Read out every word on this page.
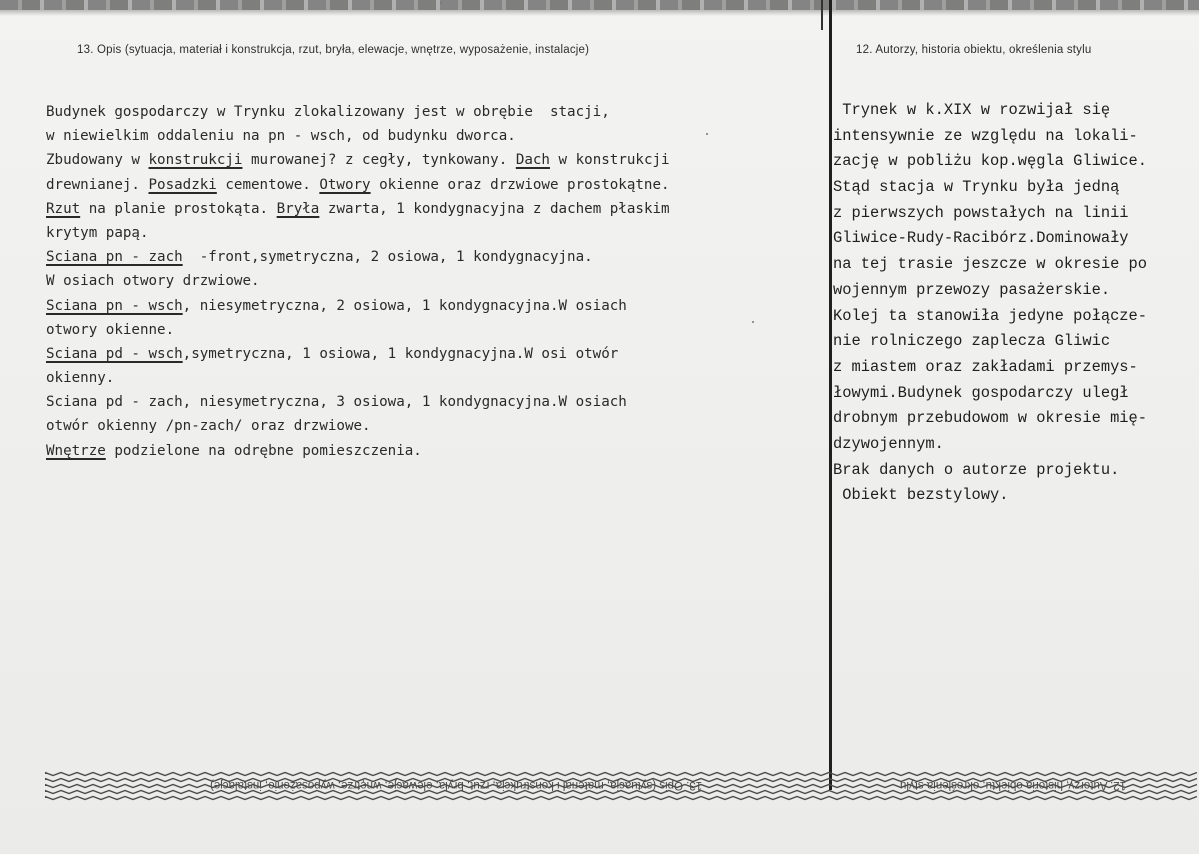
13. Opis (sytuacja, materiał i konstrukcja, rzut, bryła, elewacje, wnętrze, wyposażenie, instalacje)	12. Autorzy, historia obiektu, określenia stylu
Budynek gospodarczy w Trynku zlokalizowany jest w obrębie  stacji,
w niewielkim oddaleniu na pn - wsch, od budynku dworca.
Zbudowany w konstrukcji murowanej? z cegły, tynkowany. Dach w konstrukcji
drewnianej. Posadzki cementowe. Otwory okienne oraz drzwiowe prostokątne.
Rzut na planie prostokąta. Bryła zwarta, 1 kondygnacyjna z dachem płaskim
krytym papą.
Sciana pn - zach  -front,symetryczna, 2 osiowa, 1 kondygnacyjna.
W osiach otwory drzwiowe.
Sciana pn - wsch, niesymetryczna, 2 osiowa, 1 kondygnacyjna.W osiach
otwory okienne.
Sciana pd - wsch,symetryczna, 1 osiowa, 1 kondygnacyjna.W osi otwór
okienny.
Sciana pd - zach, niesymetryczna, 3 osiowa, 1 kondygnacyjna.W osiach
otwór okienny /pn-zach/ oraz drzwiowe.
Wnętrze podzielone na odrębne pomieszczenia.
Trynek w k.XIX w rozwijał się
intensywnie ze względu na lokali-
zację w pobliżu kop.węgla Gliwice.
Stąd stacja w Trynku była jedną
z pierwszych powstałych na linii
Gliwice-Rudy-Racibórz.Dominowały
na tej trasie jeszcze w okresie po
wojennym przewozy pasażerskie.
Kolej ta stanowiła jedyne połącze-
nie rolniczego zaplecza Gliwic
z miastem oraz zakładami przemys-
łowymi.Budynek gospodarczy uległ
drobnym przebudowom w okresie mię-
dzywojennym.
Brak danych o autorze projektu.
Obiekt bezstylowy.
13. Opis (sytuacja, materiał i konstrukcja, rzut, bryła, elewacje, wnętrze, wyposażenie, instalacje)	12. Autorzy, historia obiektu, określenia stylu
